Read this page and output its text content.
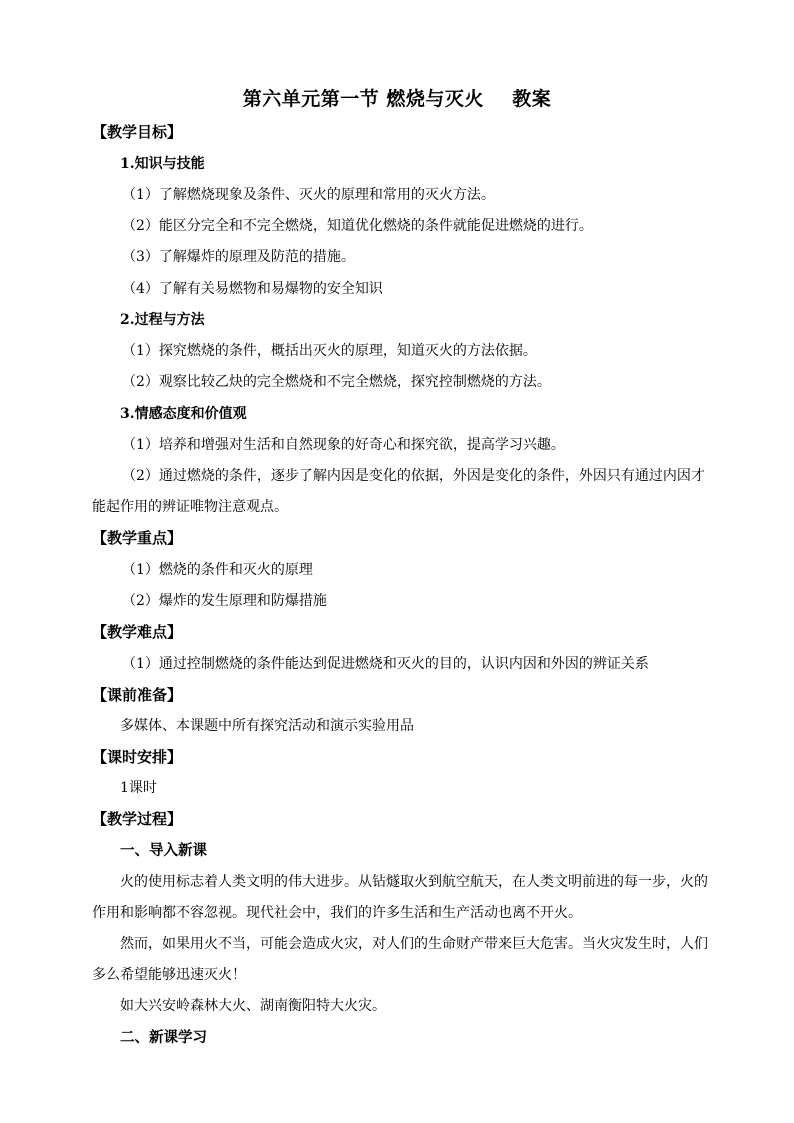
第六单元第一节 燃烧与灭火    教案
【教学目标】
1.知识与技能
（1）了解燃烧现象及条件、灭火的原理和常用的灭火方法。
（2）能区分完全和不完全燃烧，知道优化燃烧的条件就能促进燃烧的进行。
（3）了解爆炸的原理及防范的措施。
（4）了解有关易燃物和易爆物的安全知识
2.过程与方法
（1）探究燃烧的条件，概括出灭火的原理，知道灭火的方法依据。
（2）观察比较乙炔的完全燃烧和不完全燃烧，探究控制燃烧的方法。
3.情感态度和价值观
（1）培养和增强对生活和自然现象的好奇心和探究欲，提高学习兴趣。
（2）通过燃烧的条件，逐步了解内因是变化的依据，外因是变化的条件，外因只有通过内因才
能起作用的辨证唯物注意观点。
【教学重点】
（1）燃烧的条件和灭火的原理
（2）爆炸的发生原理和防爆措施
【教学难点】
（1）通过控制燃烧的条件能达到促进燃烧和灭火的目的，认识内因和外因的辨证关系
【课前准备】
多媒体、本课题中所有探究活动和演示实验用品
【课时安排】
1课时
【教学过程】
一、导入新课
火的使用标志着人类文明的伟大进步。从钻燧取火到航空航天，在人类文明前进的每一步，火的
作用和影响都不容忽视。现代社会中，我们的许多生活和生产活动也离不开火。
然而，如果用火不当，可能会造成火灾，对人们的生命财产带来巨大危害。当火灾发生时，人们
多么希望能够迅速灭火！
如大兴安岭森林大火、湖南衡阳特大火灾。
二、新课学习
